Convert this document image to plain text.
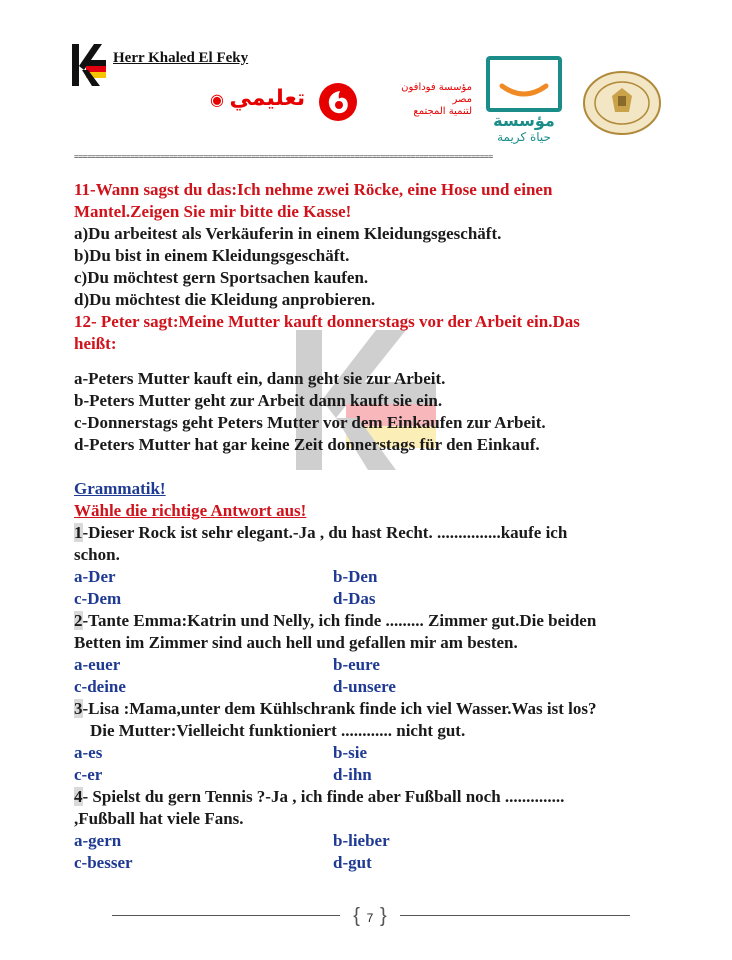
Herr Khaled El Feky
تعليمي ◉
مؤسسة فودافون
مصر
لتنمية المجتمع	مؤسسة
حياة كريمة
=================================================================================================
11-Wann sagst du das:Ich nehme zwei Röcke, eine Hose und einen
Mantel.Zeigen Sie mir bitte die Kasse!
a)Du arbeitest als Verkäuferin in einem Kleidungsgeschäft.
b)Du bist in einem Kleidungsgeschäft.
c)Du möchtest gern Sportsachen kaufen.
d)Du möchtest die Kleidung anprobieren.
12- Peter sagt:Meine Mutter kauft donnerstags vor der Arbeit ein.Das
heißt:
a-Peters Mutter kauft ein, dann geht sie zur Arbeit.
b-Peters Mutter geht zur Arbeit dann kauft sie ein.
c-Donnerstags geht Peters Mutter vor dem Einkaufen zur Arbeit.
d-Peters Mutter hat gar keine Zeit donnerstags für den Einkauf.
Grammatik!
Wähle die richtige Antwort aus!
1-Dieser Rock ist sehr elegant.-Ja , du hast Recht. ...............kaufe ich
schon.
a-Der	b-Den
c-Dem	d-Das
2-Tante Emma:Katrin und Nelly, ich finde ......... Zimmer gut.Die beiden
Betten im Zimmer sind auch hell und gefallen mir am besten.
a-euer	b-eure
c-deine	d-unsere
3-Lisa :Mama,unter dem Kühlschrank finde ich viel Wasser.Was ist los?
Die Mutter:Vielleicht funktioniert ............ nicht gut.
a-es	b-sie
c-er	d-ihn
4- Spielst du gern Tennis ?-Ja , ich finde aber Fußball noch ..............
,Fußball hat viele Fans.
a-gern	b-lieber
c-besser	d-gut
{ 7 }
